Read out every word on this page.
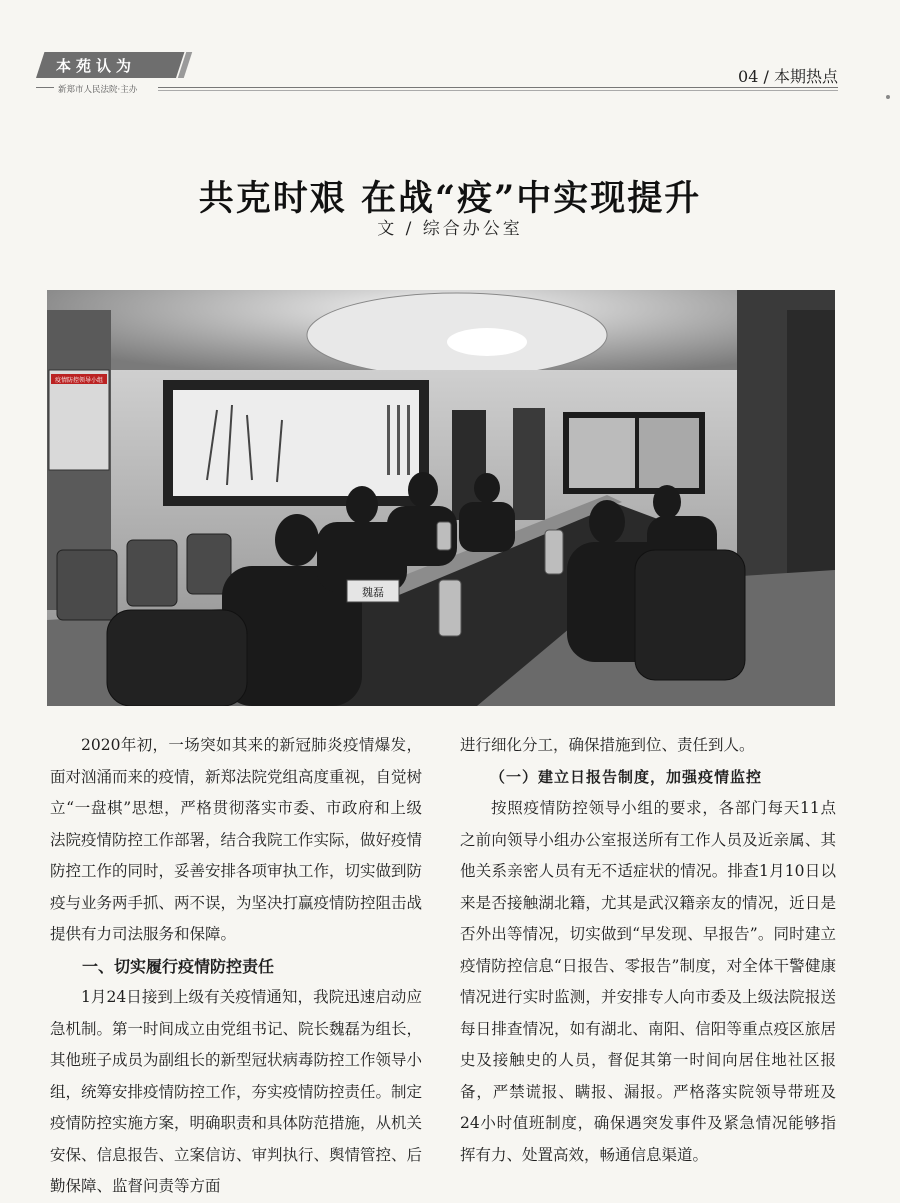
本苑认为
新郑市人民法院·主办
04 / 本期热点
共克时艰 在战“疫”中实现提升
文 / 综合办公室
魏磊
疫情防控领导小组

2020年初，一场突如其来的新冠肺炎疫情爆发，面对汹涌而来的疫情，新郑法院党组高度重视，自觉树立“一盘棋”思想，严格贯彻落实市委、市政府和上级法院疫情防控工作部署，结合我院工作实际，做好疫情防控工作的同时，妥善安排各项审执工作，切实做到防疫与业务两手抓、两不误，为坚决打赢疫情防控阻击战提供有力司法服务和保障。

一、切实履行疫情防控责任

1月24日接到上级有关疫情通知，我院迅速启动应急机制。第一时间成立由党组书记、院长魏磊为组长，其他班子成员为副组长的新型冠状病毒防控工作领导小组，统筹安排疫情防控工作，夯实疫情防控责任。制定疫情防控实施方案，明确职责和具体防范措施，从机关安保、信息报告、立案信访、审判执行、舆情管控、后勤保障、监督问责等方面

进行细化分工，确保措施到位、责任到人。

（一）建立日报告制度，加强疫情监控

按照疫情防控领导小组的要求，各部门每天11点之前向领导小组办公室报送所有工作人员及近亲属、其他关系亲密人员有无不适症状的情况。排查1月10日以来是否接触湖北籍，尤其是武汉籍亲友的情况，近日是否外出等情况，切实做到“早发现、早报告”。同时建立疫情防控信息“日报告、零报告”制度，对全体干警健康情况进行实时监测，并安排专人向市委及上级法院报送每日排查情况，如有湖北、南阳、信阳等重点疫区旅居史及接触史的人员，督促其第一时间向居住地社区报备，严禁谎报、瞒报、漏报。严格落实院领导带班及24小时值班制度，确保遇突发事件及紧急情况能够指挥有力、处置高效，畅通信息渠道。
